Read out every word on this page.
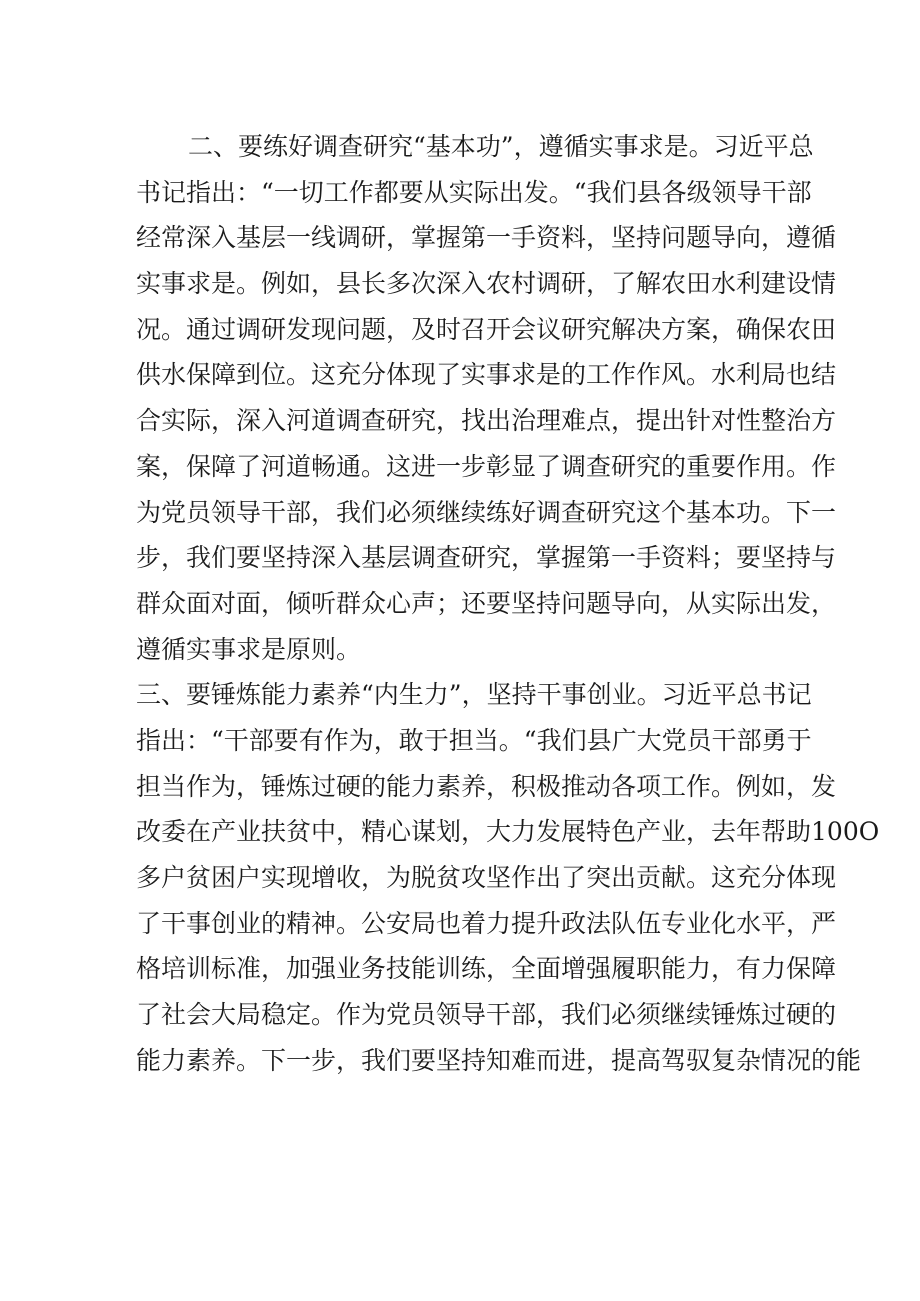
二、要练好调查研究“基本功”，遵循实事求是。习近平总
书记指出：“一切工作都要从实际出发。“我们县各级领导干部
经常深入基层一线调研，掌握第一手资料，坚持问题导向，遵循
实事求是。例如，县长多次深入农村调研，了解农田水利建设情
况。通过调研发现问题，及时召开会议研究解决方案，确保农田
供水保障到位。这充分体现了实事求是的工作作风。水利局也结
合实际，深入河道调查研究，找出治理难点，提出针对性整治方
案，保障了河道畅通。这进一步彰显了调查研究的重要作用。作
为党员领导干部，我们必须继续练好调查研究这个基本功。下一
步，我们要坚持深入基层调查研究，掌握第一手资料；要坚持与
群众面对面，倾听群众心声；还要坚持问题导向，从实际出发，
遵循实事求是原则。
三、要锤炼能力素养“内生力”，坚持干事创业。习近平总书记
指出：“干部要有作为，敢于担当。“我们县广大党员干部勇于
担当作为，锤炼过硬的能力素养，积极推动各项工作。例如，发
改委在产业扶贫中，精心谋划，大力发展特色产业，去年帮助100O
多户贫困户实现增收，为脱贫攻坚作出了突出贡献。这充分体现
了干事创业的精神。公安局也着力提升政法队伍专业化水平，严
格培训标准，加强业务技能训练，全面增强履职能力，有力保障
了社会大局稳定。作为党员领导干部，我们必须继续锤炼过硬的
能力素养。下一步，我们要坚持知难而进，提高驾驭复杂情况的能
